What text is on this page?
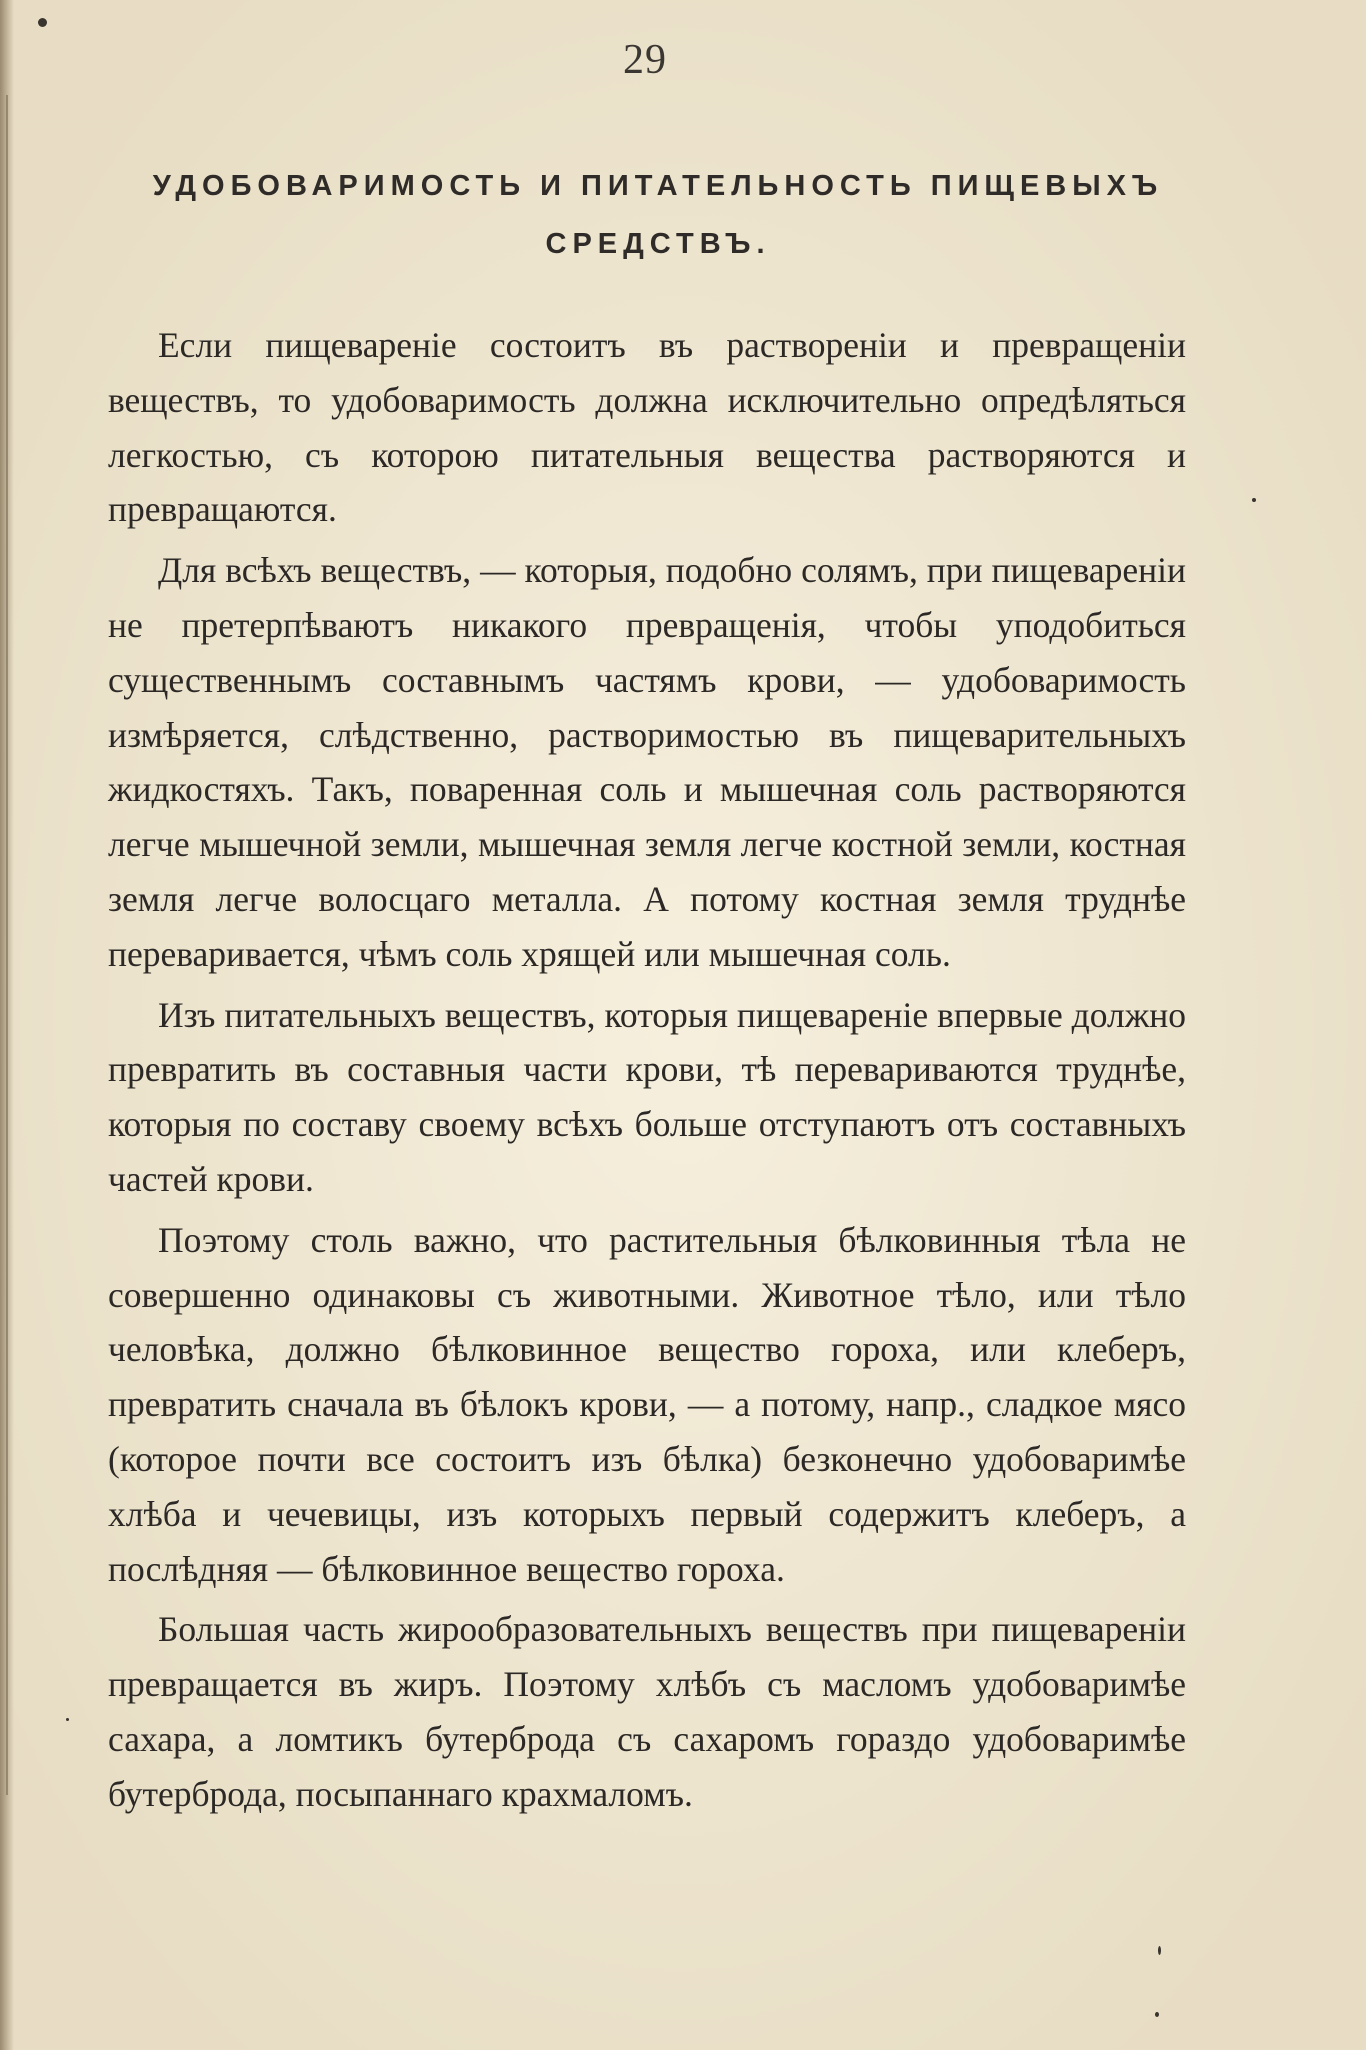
29
УДОБОВАРИМОСТЬ И ПИТАТЕЛЬНОСТЬ ПИЩЕВЫХЪ
СРЕДСТВЪ.

Если пищевареніе состоитъ въ раствореніи и превращеніи веществъ, то удобоваримость должна исключительно опредѣляться легкостью, съ которою питательныя вещества растворяются и превращаются.

Для всѣхъ веществъ, — которыя, подобно солямъ, при пищевареніи не претерпѣваютъ никакого превращенія, чтобы уподобиться существеннымъ составнымъ частямъ крови, — удобоваримость измѣряется, слѣдственно, растворимостью въ пищеварительныхъ жидкостяхъ. Такъ, поваренная соль и мышечная соль растворяются легче мышечной земли, мышечная земля легче костной земли, костная земля легче волосцаго металла. А потому костная земля труднѣе переваривается, чѣмъ соль хрящей или мышечная соль.

Изъ питательныхъ веществъ, которыя пищевареніе впервые должно превратить въ составныя части крови, тѣ перевариваются труднѣе, которыя по составу своему всѣхъ больше отступаютъ отъ составныхъ частей крови.

Поэтому столь важно, что растительныя бѣлковинныя тѣла не совершенно одинаковы съ животными. Животное тѣло, или тѣло человѣка, должно бѣлковинное вещество гороха, или клеберъ, превратить сначала въ бѣлокъ крови, — а потому, напр., сладкое мясо (которое почти все состоитъ изъ бѣлка) безконечно удобоваримѣе хлѣба и чечевицы, изъ которыхъ первый содержитъ клеберъ, а послѣдняя — бѣлковинное вещество гороха.

Большая часть жирообразовательныхъ веществъ при пищевареніи превращается въ жиръ. Поэтому хлѣбъ съ масломъ удобоваримѣе сахара, а ломтикъ бутерброда съ сахаромъ гораздо удобоваримѣе бутерброда, посыпаннаго крахмаломъ.
